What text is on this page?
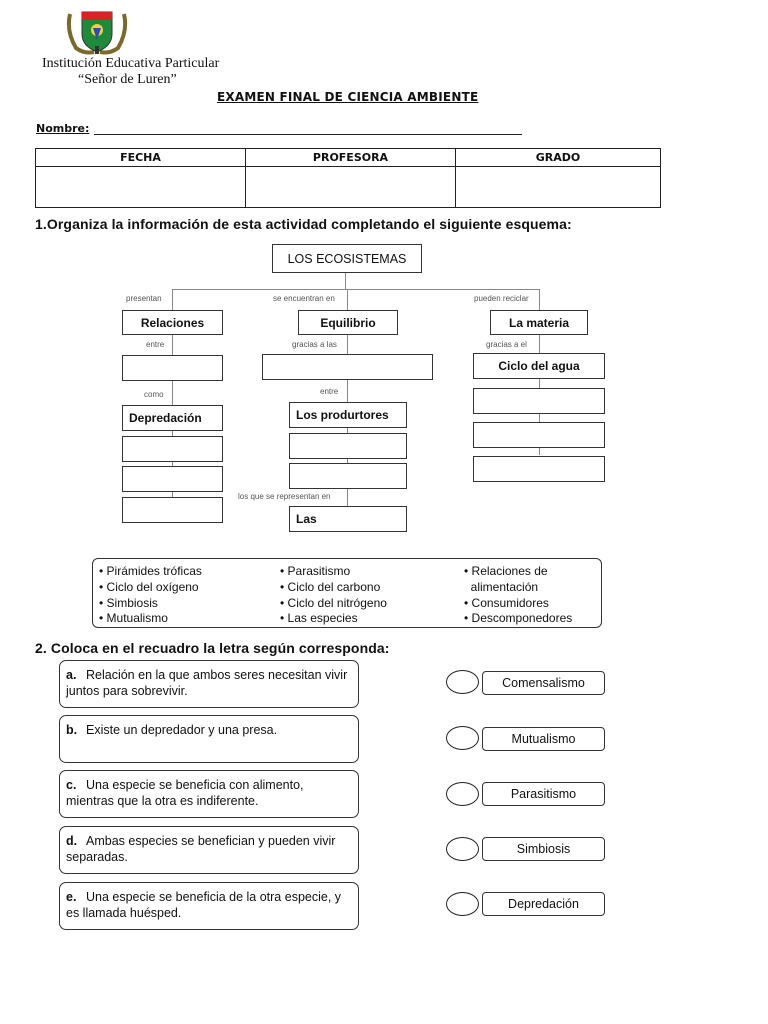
Institución Educativa Particular
“Señor de Luren”
EXAMEN FINAL DE CIENCIA AMBIENTE
Nombre:
FECHA	PROFESORA	GRADO

1.Organiza la información de esta actividad completando el siguiente esquema:
LOS ECOSISTEMAS
presentan
Relaciones
entre
como
Depredación
se encuentran en
Equilibrio
gracias a las
entre
Los produrtores
los que se representan en
Las
pueden reciclar
La materia
gracias a el
Ciclo del agua
• Pirámides tróficas
• Ciclo del oxígeno
• Simbiosis
• Mutualismo
• Parasitismo
• Ciclo del carbono
• Ciclo del nitrógeno
• Las especies
• Relaciones de
alimentación
• Consumidores
• Descomponedores
2. Coloca en el recuadro la letra según corresponda:
a. Relación en la que ambos seres necesitan vivir juntos para sobrevivir.
b. Existe un depredador y una presa.
c. Una especie se beneficia con alimento, mientras que la otra es indiferente.
d. Ambas especies se benefician y pueden vivir separadas.
e. Una especie se beneficia de la otra especie, y es llamada huésped.
Comensalismo
Mutualismo
Parasitismo
Simbiosis
Depredación
